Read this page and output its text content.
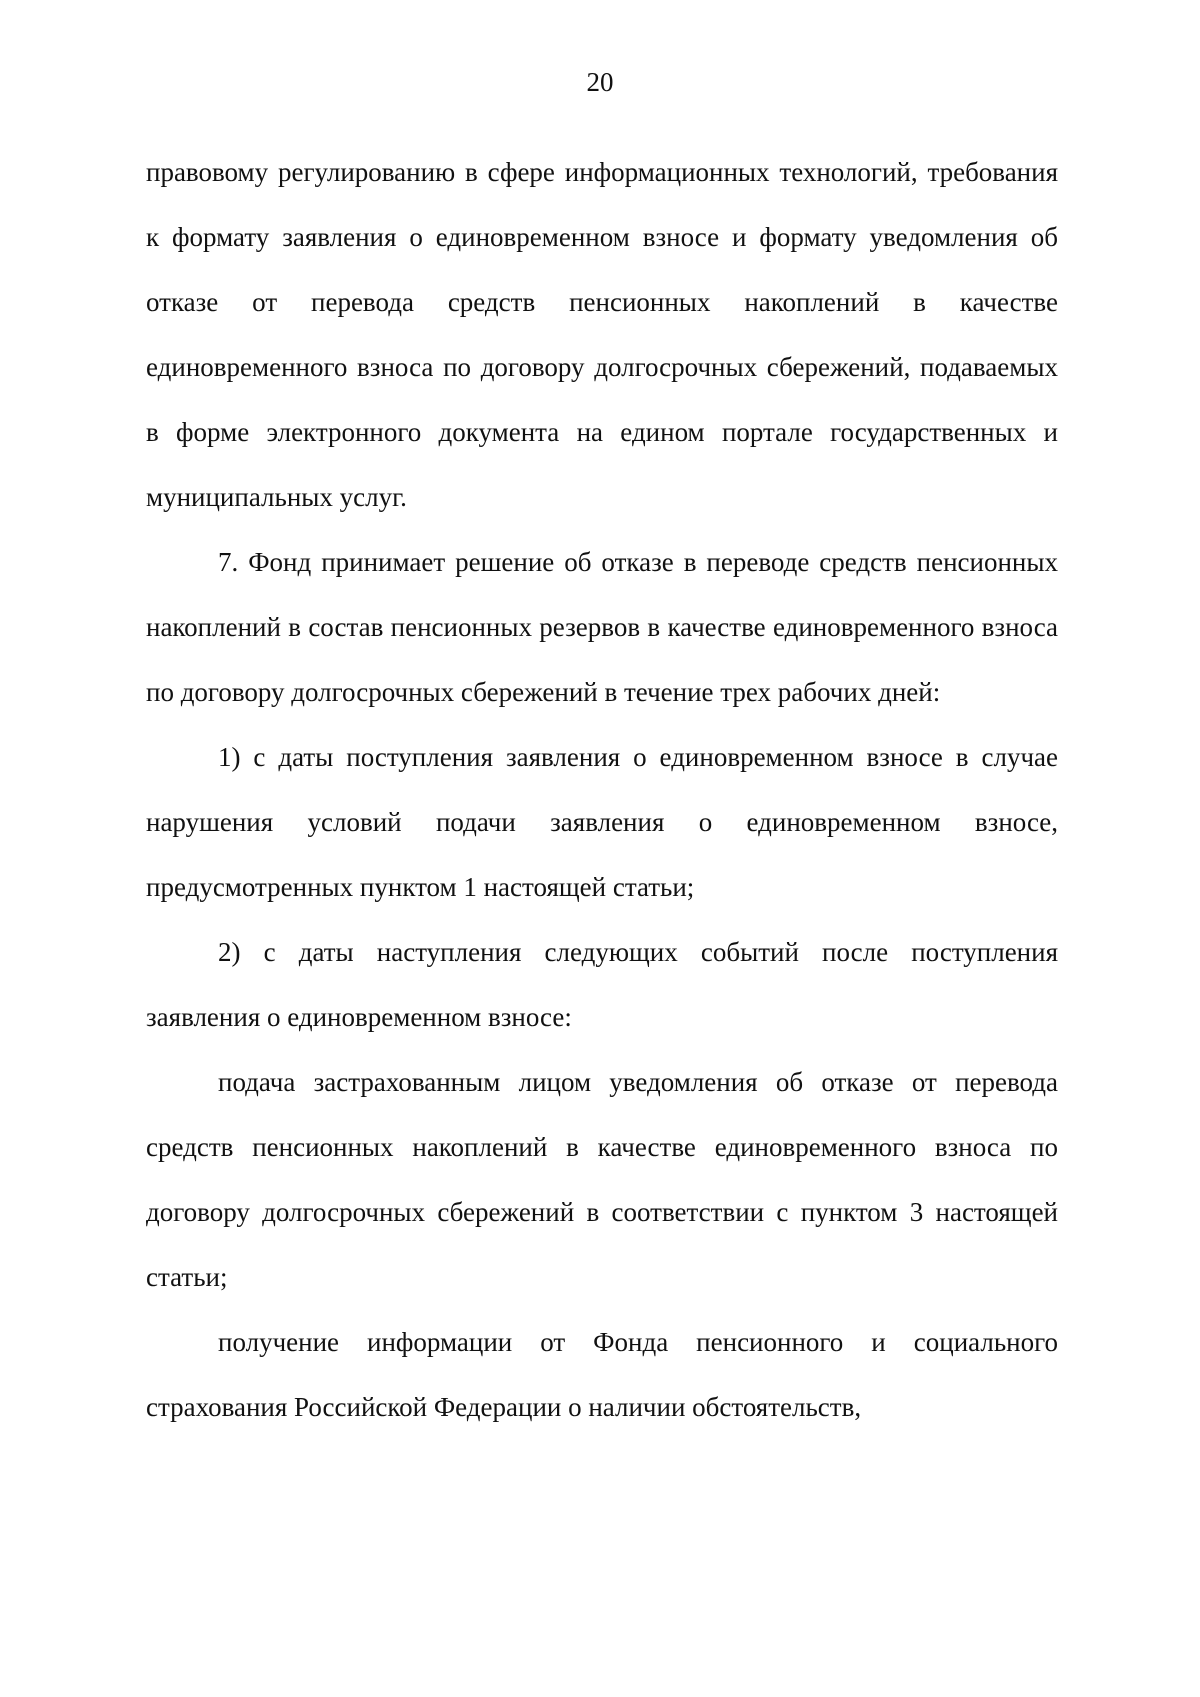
20

правовому регулированию в сфере информационных технологий, требования к формату заявления о единовременном взносе и формату уведомления об отказе от перевода средств пенсионных накоплений в качестве единовременного взноса по договору долгосрочных сбережений, подаваемых в форме электронного документа на едином портале государственных и муниципальных услуг.

7. Фонд принимает решение об отказе в переводе средств пенсионных накоплений в состав пенсионных резервов в качестве единовременного взноса по договору долгосрочных сбережений в течение трех рабочих дней:

1) с даты поступления заявления о единовременном взносе в случае нарушения условий подачи заявления о единовременном взносе, предусмотренных пунктом 1 настоящей статьи;

2) с даты наступления следующих событий после поступления заявления о единовременном взносе:

подача застрахованным лицом уведомления об отказе от перевода средств пенсионных накоплений в качестве единовременного взноса по договору долгосрочных сбережений в соответствии с пунктом 3 настоящей статьи;

получение информации от Фонда пенсионного и социального страхования Российской Федерации о наличии обстоятельств,
